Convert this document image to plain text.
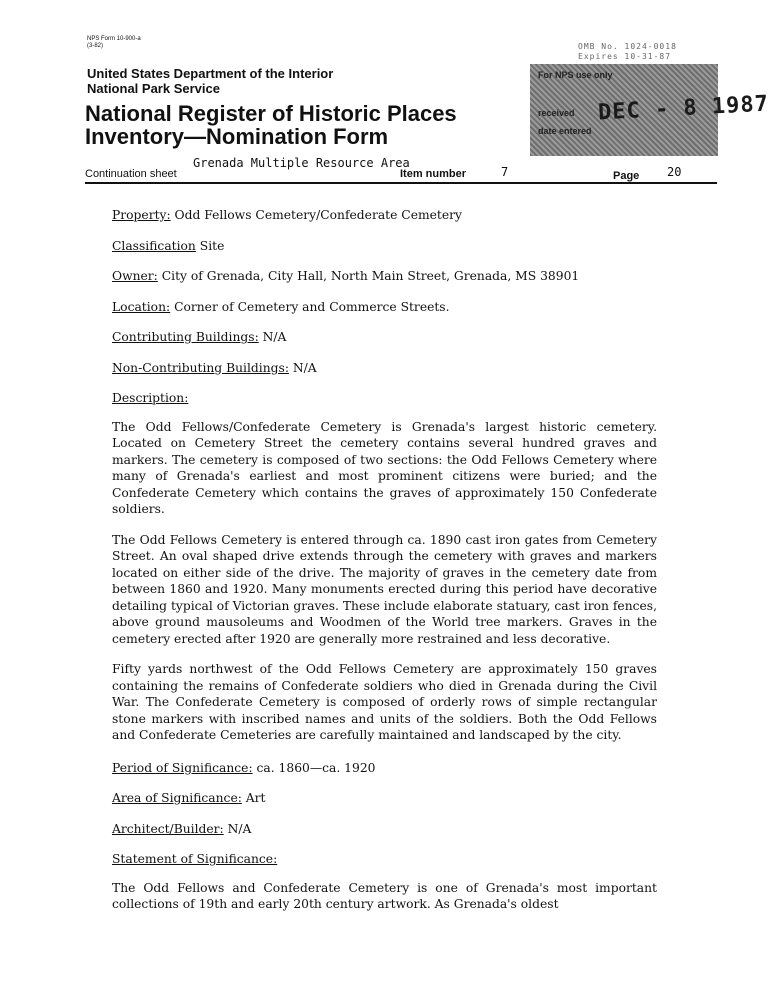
NPS Form 10-900-a
(3-82)	OMB No. 1024-0018
Expires 10-31-87
United States Department of the Interior
National Park Service
National Register of Historic Places
Inventory—Nomination Form
For NPS use only
received
date entered
DEC - 8 1987
Grenada Multiple Resource Area
Continuation sheet	Item number	7	Page 20
Property: Odd Fellows Cemetery/Confederate Cemetery
Classification Site
Owner: City of Grenada, City Hall, North Main Street, Grenada, MS 38901
Location: Corner of Cemetery and Commerce Streets.
Contributing Buildings: N/A
Non-Contributing Buildings: N/A
Description:

The Odd Fellows/Confederate Cemetery is Grenada's largest historic cemetery. Located on Cemetery Street the cemetery contains several hundred graves and markers. The cemetery is composed of two sections: the Odd Fellows Cemetery where many of Grenada's earliest and most prominent citizens were buried; and the Confederate Cemetery which contains the graves of approximately 150 Confederate soldiers.

The Odd Fellows Cemetery is entered through ca. 1890 cast iron gates from Cemetery Street. An oval shaped drive extends through the cemetery with graves and markers located on either side of the drive. The majority of graves in the cemetery date from between 1860 and 1920. Many monuments erected during this period have decorative detailing typical of Victorian graves. These include elaborate statuary, cast iron fences, above ground mausoleums and Woodmen of the World tree markers. Graves in the cemetery erected after 1920 are generally more restrained and less decorative.

Fifty yards northwest of the Odd Fellows Cemetery are approximately 150 graves containing the remains of Confederate soldiers who died in Grenada during the Civil War. The Confederate Cemetery is composed of orderly rows of simple rectangular stone markers with inscribed names and units of the soldiers. Both the Odd Fellows and Confederate Cemeteries are carefully maintained and landscaped by the city.

Period of Significance: ca. 1860—ca. 1920
Area of Significance: Art
Architect/Builder: N/A
Statement of Significance:

The Odd Fellows and Confederate Cemetery is one of Grenada's most important collections of 19th and early 20th century artwork. As Grenada's oldest
